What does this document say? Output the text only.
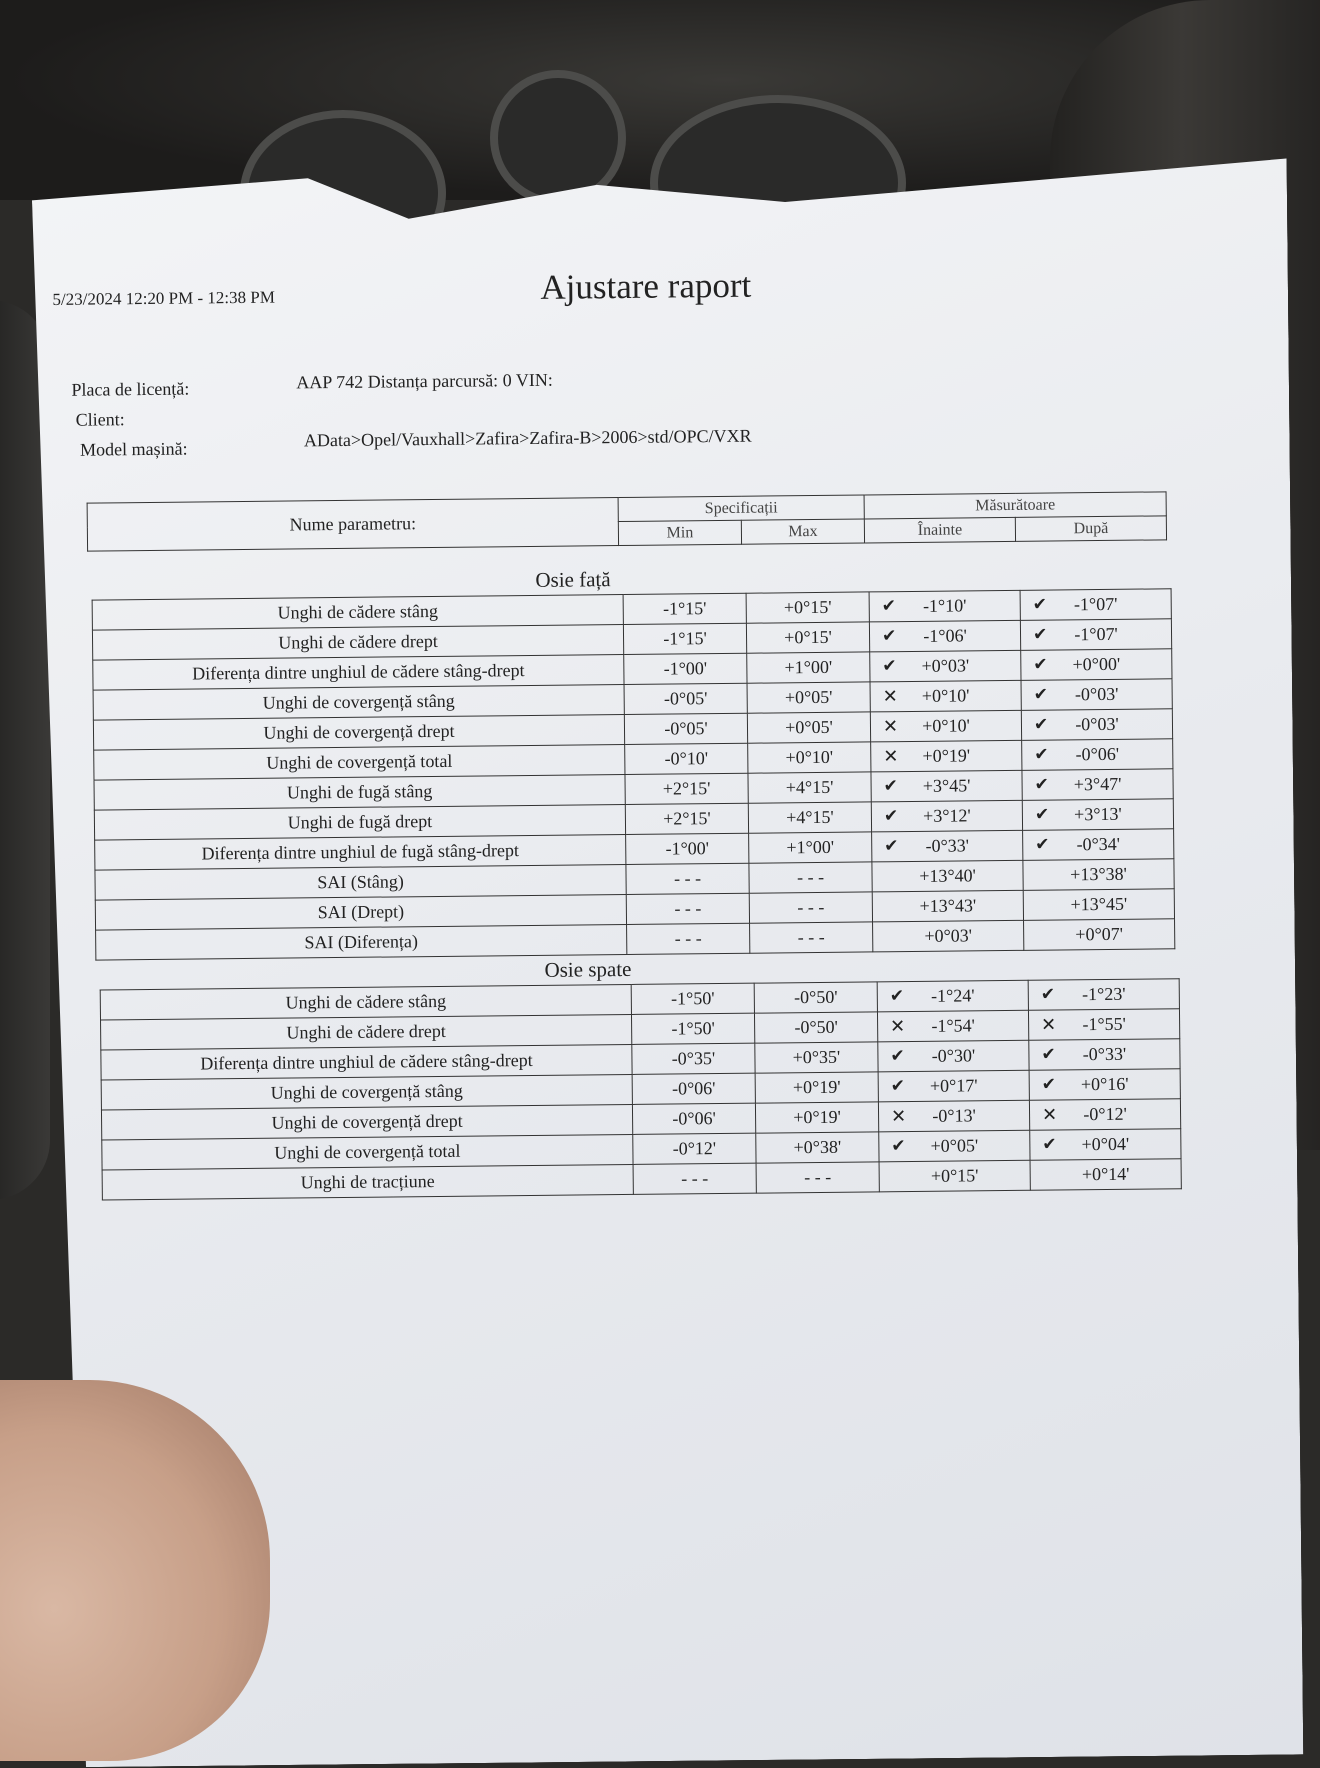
5/23/2024 12:20 PM - 12:38 PM	Ajustare raport
Placa de licență:	AAP 742 Distanța parcursă: 0 VIN:
Client:
Model mașină:	AData>Opel/Vauxhall>Zafira>Zafira-B>2006>std/OPC/VXR
Nume parametru:	Specificații		Măsurătoare	
	Min	Max	Înainte	După
Osie față
Unghi de cădere stâng	-1°15'	+0°15'	✔ -1°10'	✔ -1°07'
Unghi de cădere drept	-1°15'	+0°15'	✔ -1°06'	✔ -1°07'
Diferența dintre unghiul de cădere stâng-drept	-1°00'	+1°00'	✔ +0°03'	✔ +0°00'
Unghi de covergență stâng	-0°05'	+0°05'	✕ +0°10'	✔ -0°03'
Unghi de covergență drept	-0°05'	+0°05'	✕ +0°10'	✔ -0°03'
Unghi de covergență total	-0°10'	+0°10'	✕ +0°19'	✔ -0°06'
Unghi de fugă stâng	+2°15'	+4°15'	✔ +3°45'	✔ +3°47'
Unghi de fugă drept	+2°15'	+4°15'	✔ +3°12'	✔ +3°13'
Diferența dintre unghiul de fugă stâng-drept	-1°00'	+1°00'	✔ -0°33'	✔ -0°34'
SAI (Stâng)	- - -	- - -	+13°40'	+13°38'
SAI (Drept)	- - -	- - -	+13°43'	+13°45'
SAI (Diferența)	- - -	- - -	+0°03'	+0°07'
Osie spate
Unghi de cădere stâng	-1°50'	-0°50'	✔ -1°24'	✔ -1°23'
Unghi de cădere drept	-1°50'	-0°50'	✕ -1°54'	✕ -1°55'
Diferența dintre unghiul de cădere stâng-drept	-0°35'	+0°35'	✔ -0°30'	✔ -0°33'
Unghi de covergență stâng	-0°06'	+0°19'	✔ +0°17'	✔ +0°16'
Unghi de covergență drept	-0°06'	+0°19'	✕ -0°13'	✕ -0°12'
Unghi de covergență total	-0°12'	+0°38'	✔ +0°05'	✔ +0°04'
Unghi de tracțiune	- - -	- - -	+0°15'	+0°14'
